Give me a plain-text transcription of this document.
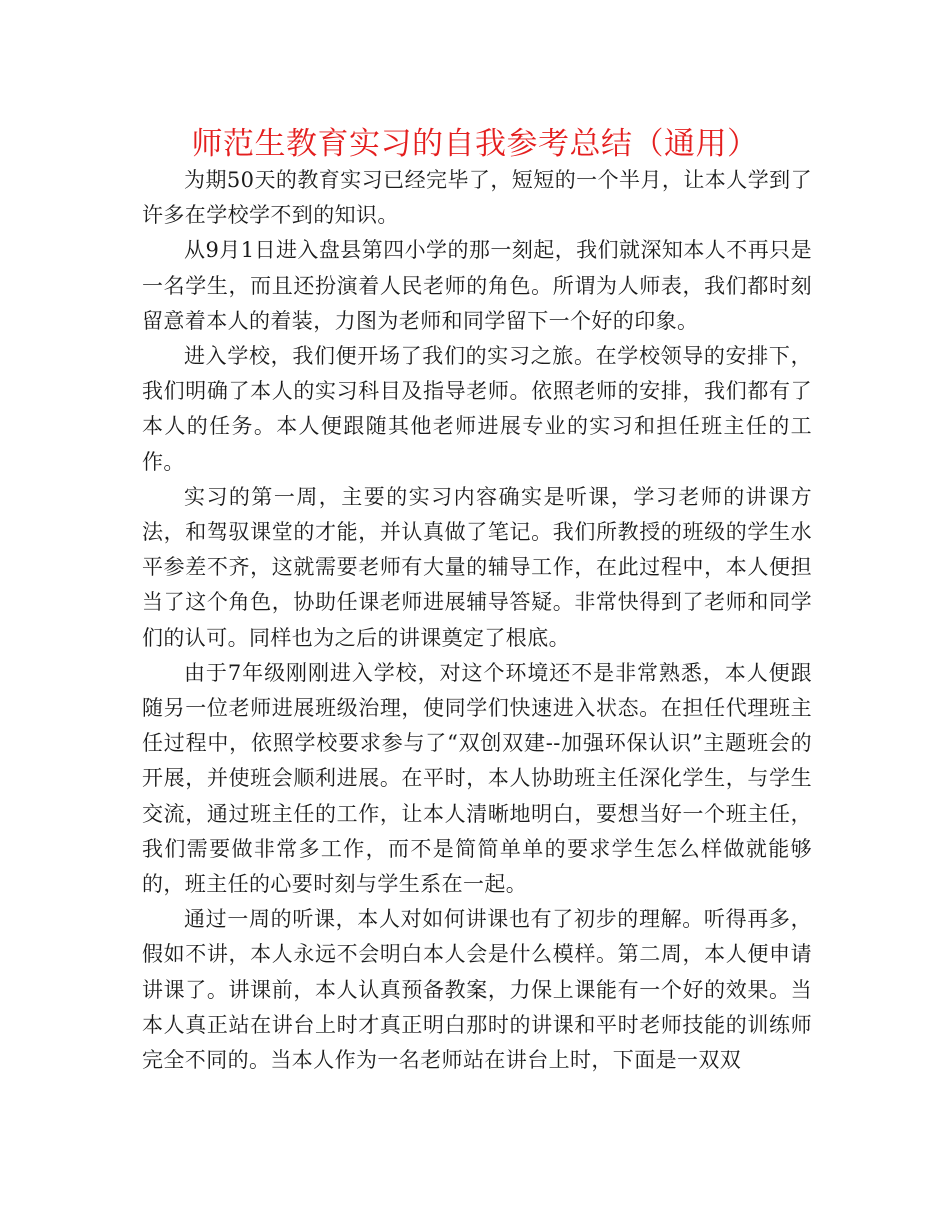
师范生教育实习的自我参考总结（通用）

为期50天的教育实习已经完毕了，短短的一个半月，让本人学到了许多在学校学不到的知识。

从9月1日进入盘县第四小学的那一刻起，我们就深知本人不再只是一名学生，而且还扮演着人民老师的角色。所谓为人师表，我们都时刻留意着本人的着装，力图为老师和同学留下一个好的印象。

进入学校，我们便开场了我们的实习之旅。在学校领导的安排下，我们明确了本人的实习科目及指导老师。依照老师的安排，我们都有了本人的任务。本人便跟随其他老师进展专业的实习和担任班主任的工作。

实习的第一周，主要的实习内容确实是听课，学习老师的讲课方法，和驾驭课堂的才能，并认真做了笔记。我们所教授的班级的学生水平参差不齐，这就需要老师有大量的辅导工作，在此过程中，本人便担当了这个角色，协助任课老师进展辅导答疑。非常快得到了老师和同学们的认可。同样也为之后的讲课奠定了根底。

由于7年级刚刚进入学校，对这个环境还不是非常熟悉，本人便跟随另一位老师进展班级治理，使同学们快速进入状态。在担任代理班主任过程中，依照学校要求参与了“双创双建--加强环保认识”主题班会的开展，并使班会顺利进展。在平时，本人协助班主任深化学生，与学生交流，通过班主任的工作，让本人清晰地明白，要想当好一个班主任，我们需要做非常多工作，而不是简简单单的要求学生怎么样做就能够的，班主任的心要时刻与学生系在一起。

通过一周的听课，本人对如何讲课也有了初步的理解。听得再多，假如不讲，本人永远不会明白本人会是什么模样。第二周，本人便申请讲课了。讲课前，本人认真预备教案，力保上课能有一个好的效果。当本人真正站在讲台上时才真正明白那时的讲课和平时老师技能的训练师完全不同的。当本人作为一名老师站在讲台上时，下面是一双双
